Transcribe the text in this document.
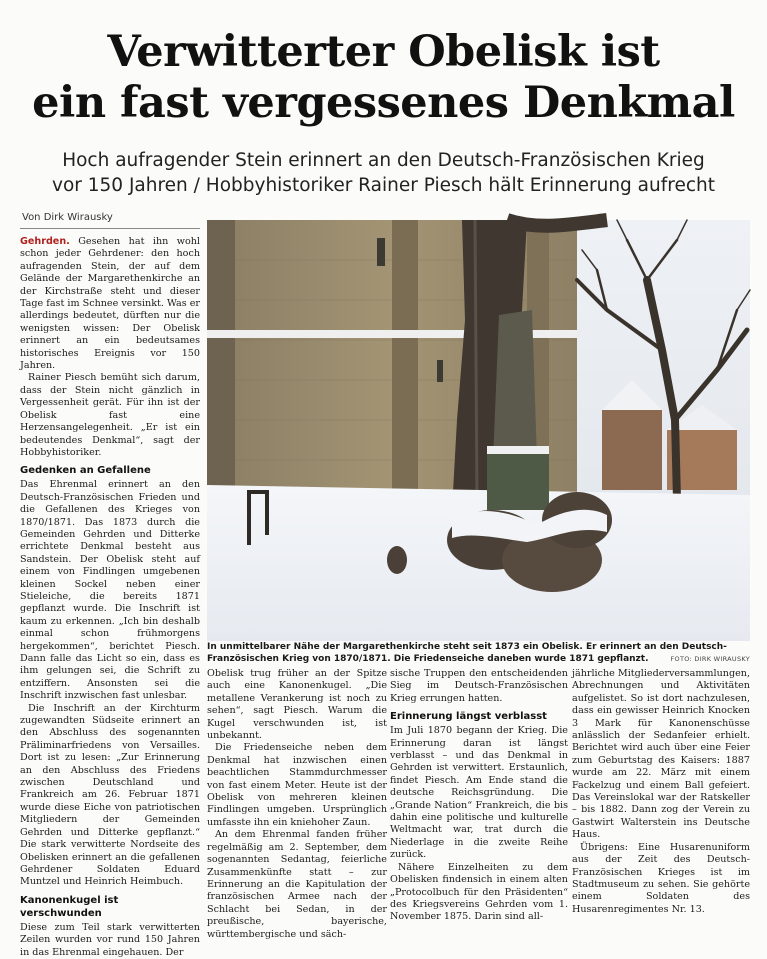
Verwitterter Obelisk ist
ein fast vergessenes Denkmal
Hoch aufragender Stein erinnert an den Deutsch-Französischen Krieg
vor 150 Jahren / Hobbyhistoriker Rainer Piesch hält Erinnerung aufrecht
Von Dirk Wirausky

Gehrden. Gesehen hat ihn wohl schon jeder Gehrdener: den hoch aufragenden Stein, der auf dem Gelände der Margarethenkirche an der Kirchstraße steht und dieser Tage fast im Schnee versinkt. Was er allerdings bedeutet, dürften nur die wenigsten wissen: Der Obelisk erinnert an ein bedeutsames historisches Ereignis vor 150 Jahren.

Rainer Piesch bemüht sich darum, dass der Stein nicht gänzlich in Vergessenheit gerät. Für ihn ist der Obelisk fast eine Herzensangelegenheit. „Er ist ein bedeutendes Denkmal“, sagt der Hobbyhistoriker.

Gedenken an Gefallene

Das Ehrenmal erinnert an den Deutsch-Französischen Frieden und die Gefallenen des Krieges von 1870/1871. Das 1873 durch die Gemeinden Gehrden und Ditterke errichtete Denkmal besteht aus Sandstein. Der Obelisk steht auf einem von Findlingen umgebenen kleinen Sockel neben einer Stieleiche, die bereits 1871 gepflanzt wurde. Die Inschrift ist kaum zu erkennen. „Ich bin deshalb einmal schon frühmorgens hergekommen“, berichtet Piesch. Dann falle das Licht so ein, dass es ihm gelungen sei, die Schrift zu entziffern. Ansonsten sei die Inschrift inzwischen fast unlesbar.

Die Inschrift an der Kirchturm zugewandten Südseite erinnert an den Abschluss des sogenannten Präliminarfriedens von Versailles. Dort ist zu lesen: „Zur Erinnerung an den Abschluss des Friedens zwischen Deutschland und Frankreich am 26. Februar 1871 wurde diese Eiche von patriotischen Mitgliedern der Gemeinden Gehrden und Ditterke gepflanzt.“ Die stark verwitterte Nordseite des Obelisken erinnert an die gefallenen Gehrdener Soldaten Eduard Muntzel und Heinrich Heimbuch.

Kanonenkugel ist verschwunden

Diese zum Teil stark verwitterten Zeilen wurden vor rund 150 Jahren in das Ehrenmal eingehauen. Der

In unmittelbarer Nähe der Margarethenkirche steht seit 1873 ein Obelisk. Er erinnert an den Deutsch-Französischen Krieg von 1870/1871. Die Friedenseiche daneben wurde 1871 gepflanzt.	FOTO: DIRK WIRAUSKY

Obelisk trug früher an der Spitze auch eine Kanonenkugel. „Die metallene Verankerung ist noch zu sehen“, sagt Piesch. Warum die Kugel verschwunden ist, ist unbekannt.

Die Friedenseiche neben dem Denkmal hat inzwischen einen beachtlichen Stammdurchmesser von fast einem Meter. Heute ist der Obelisk von mehreren kleinen Findlingen umgeben. Ursprünglich umfasste ihn ein kniehoher Zaun.

An dem Ehrenmal fanden früher regelmäßig am 2. September, dem sogenannten Sedantag, feierliche Zusammenkünfte statt – zur Erinnerung an die Kapitulation der französischen Armee nach der Schlacht bei Sedan, in der preußische, bayerische, württembergische und säch-

sische Truppen den entscheidenden Sieg im Deutsch-Französischen Krieg errungen hatten.

Erinnerung längst verblasst

Im Juli 1870 begann der Krieg. Die Erinnerung daran ist längst verblasst – und das Denkmal in Gehrden ist verwittert. Erstaunlich, findet Piesch. Am Ende stand die deutsche Reichsgründung. Die „Grande Nation“ Frankreich, die bis dahin eine politische und kulturelle Weltmacht war, trat durch die Niederlage in die zweite Reihe zurück.

Nähere Einzelheiten zu dem Obelisken findensich in einem alten „Protocolbuch für den Präsidenten“ des Kriegsvereins Gehrden vom 1. November 1875. Darin sind all-

jährliche Mitgliederversammlungen, Abrechnungen und Aktivitäten aufgelistet. So ist dort nachzulesen, dass ein gewisser Heinrich Knocken 3 Mark für Kanonenschüsse anlässlich der Sedanfeier erhielt. Berichtet wird auch über eine Feier zum Geburtstag des Kaisers: 1887 wurde am 22. März mit einem Fackelzug und einem Ball gefeiert. Das Vereinslokal war der Ratskeller – bis 1882. Dann zog der Verein zu Gastwirt Walterstein ins Deutsche Haus.

Übrigens: Eine Husarenuniform aus der Zeit des Deutsch-Französischen Krieges ist im Stadtmuseum zu sehen. Sie gehörte einem Soldaten des Husarenregimentes Nr. 13.
